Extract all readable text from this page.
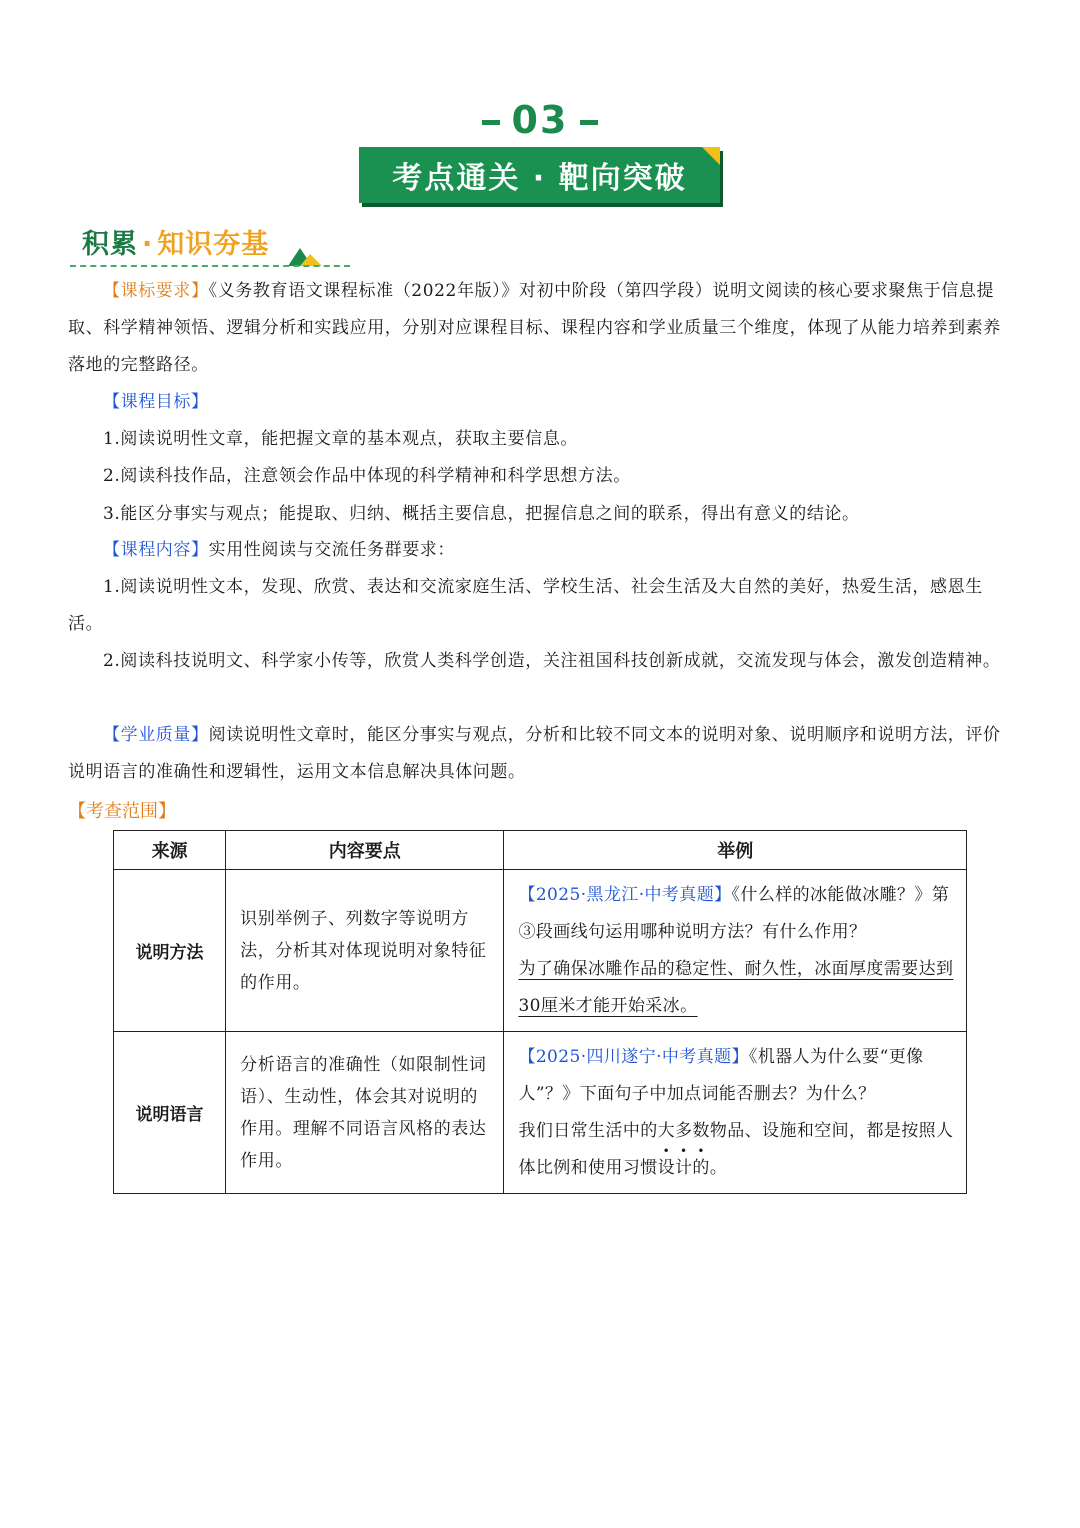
03
考点通关 · 靶向突破
积累 · 知识夯基
【课标要求】《义务教育语文课程标准（2022年版）》对初中阶段（第四学段）说明文阅读的核心要求聚焦于信息提取、科学精神领悟、逻辑分析和实践应用，分别对应课程目标、课程内容和学业质量三个维度，体现了从能力培养到素养落地的完整路径。
【课程目标】
1.阅读说明性文章，能把握文章的基本观点，获取主要信息。
2.阅读科技作品，注意领会作品中体现的科学精神和科学思想方法。
3.能区分事实与观点；能提取、归纳、概括主要信息，把握信息之间的联系，得出有意义的结论。
【课程内容】实用性阅读与交流任务群要求：
1.阅读说明性文本，发现、欣赏、表达和交流家庭生活、学校生活、社会生活及大自然的美好，热爱生活，感恩生活。
2.阅读科技说明文、科学家小传等，欣赏人类科学创造，关注祖国科技创新成就，交流发现与体会，激发创造精神。
【学业质量】阅读说明性文章时，能区分事实与观点，分析和比较不同文本的说明对象、说明顺序和说明方法，评价说明语言的准确性和逻辑性，运用文本信息解决具体问题。
【考查范围】
来源	内容要点	举例
说明方法	识别举例子、列数字等说明方法，分析其对体现说明对象特征的作用。	【2025·黑龙江·中考真题】《什么样的冰能做冰雕？》第③段画线句运用哪种说明方法？有什么作用？
为了确保冰雕作品的稳定性、耐久性，冰面厚度需要达到30厘米才能开始采冰。
说明语言	分析语言的准确性（如限制性词语）、生动性，体会其对说明的作用。理解不同语言风格的表达作用。	【2025·四川遂宁·中考真题】《机器人为什么要“更像人”？》下面句子中加点词能否删去？为什么？
我们日常生活中的大多数物品、设施和空间，都是按照人体比例和使用习惯设计的。
